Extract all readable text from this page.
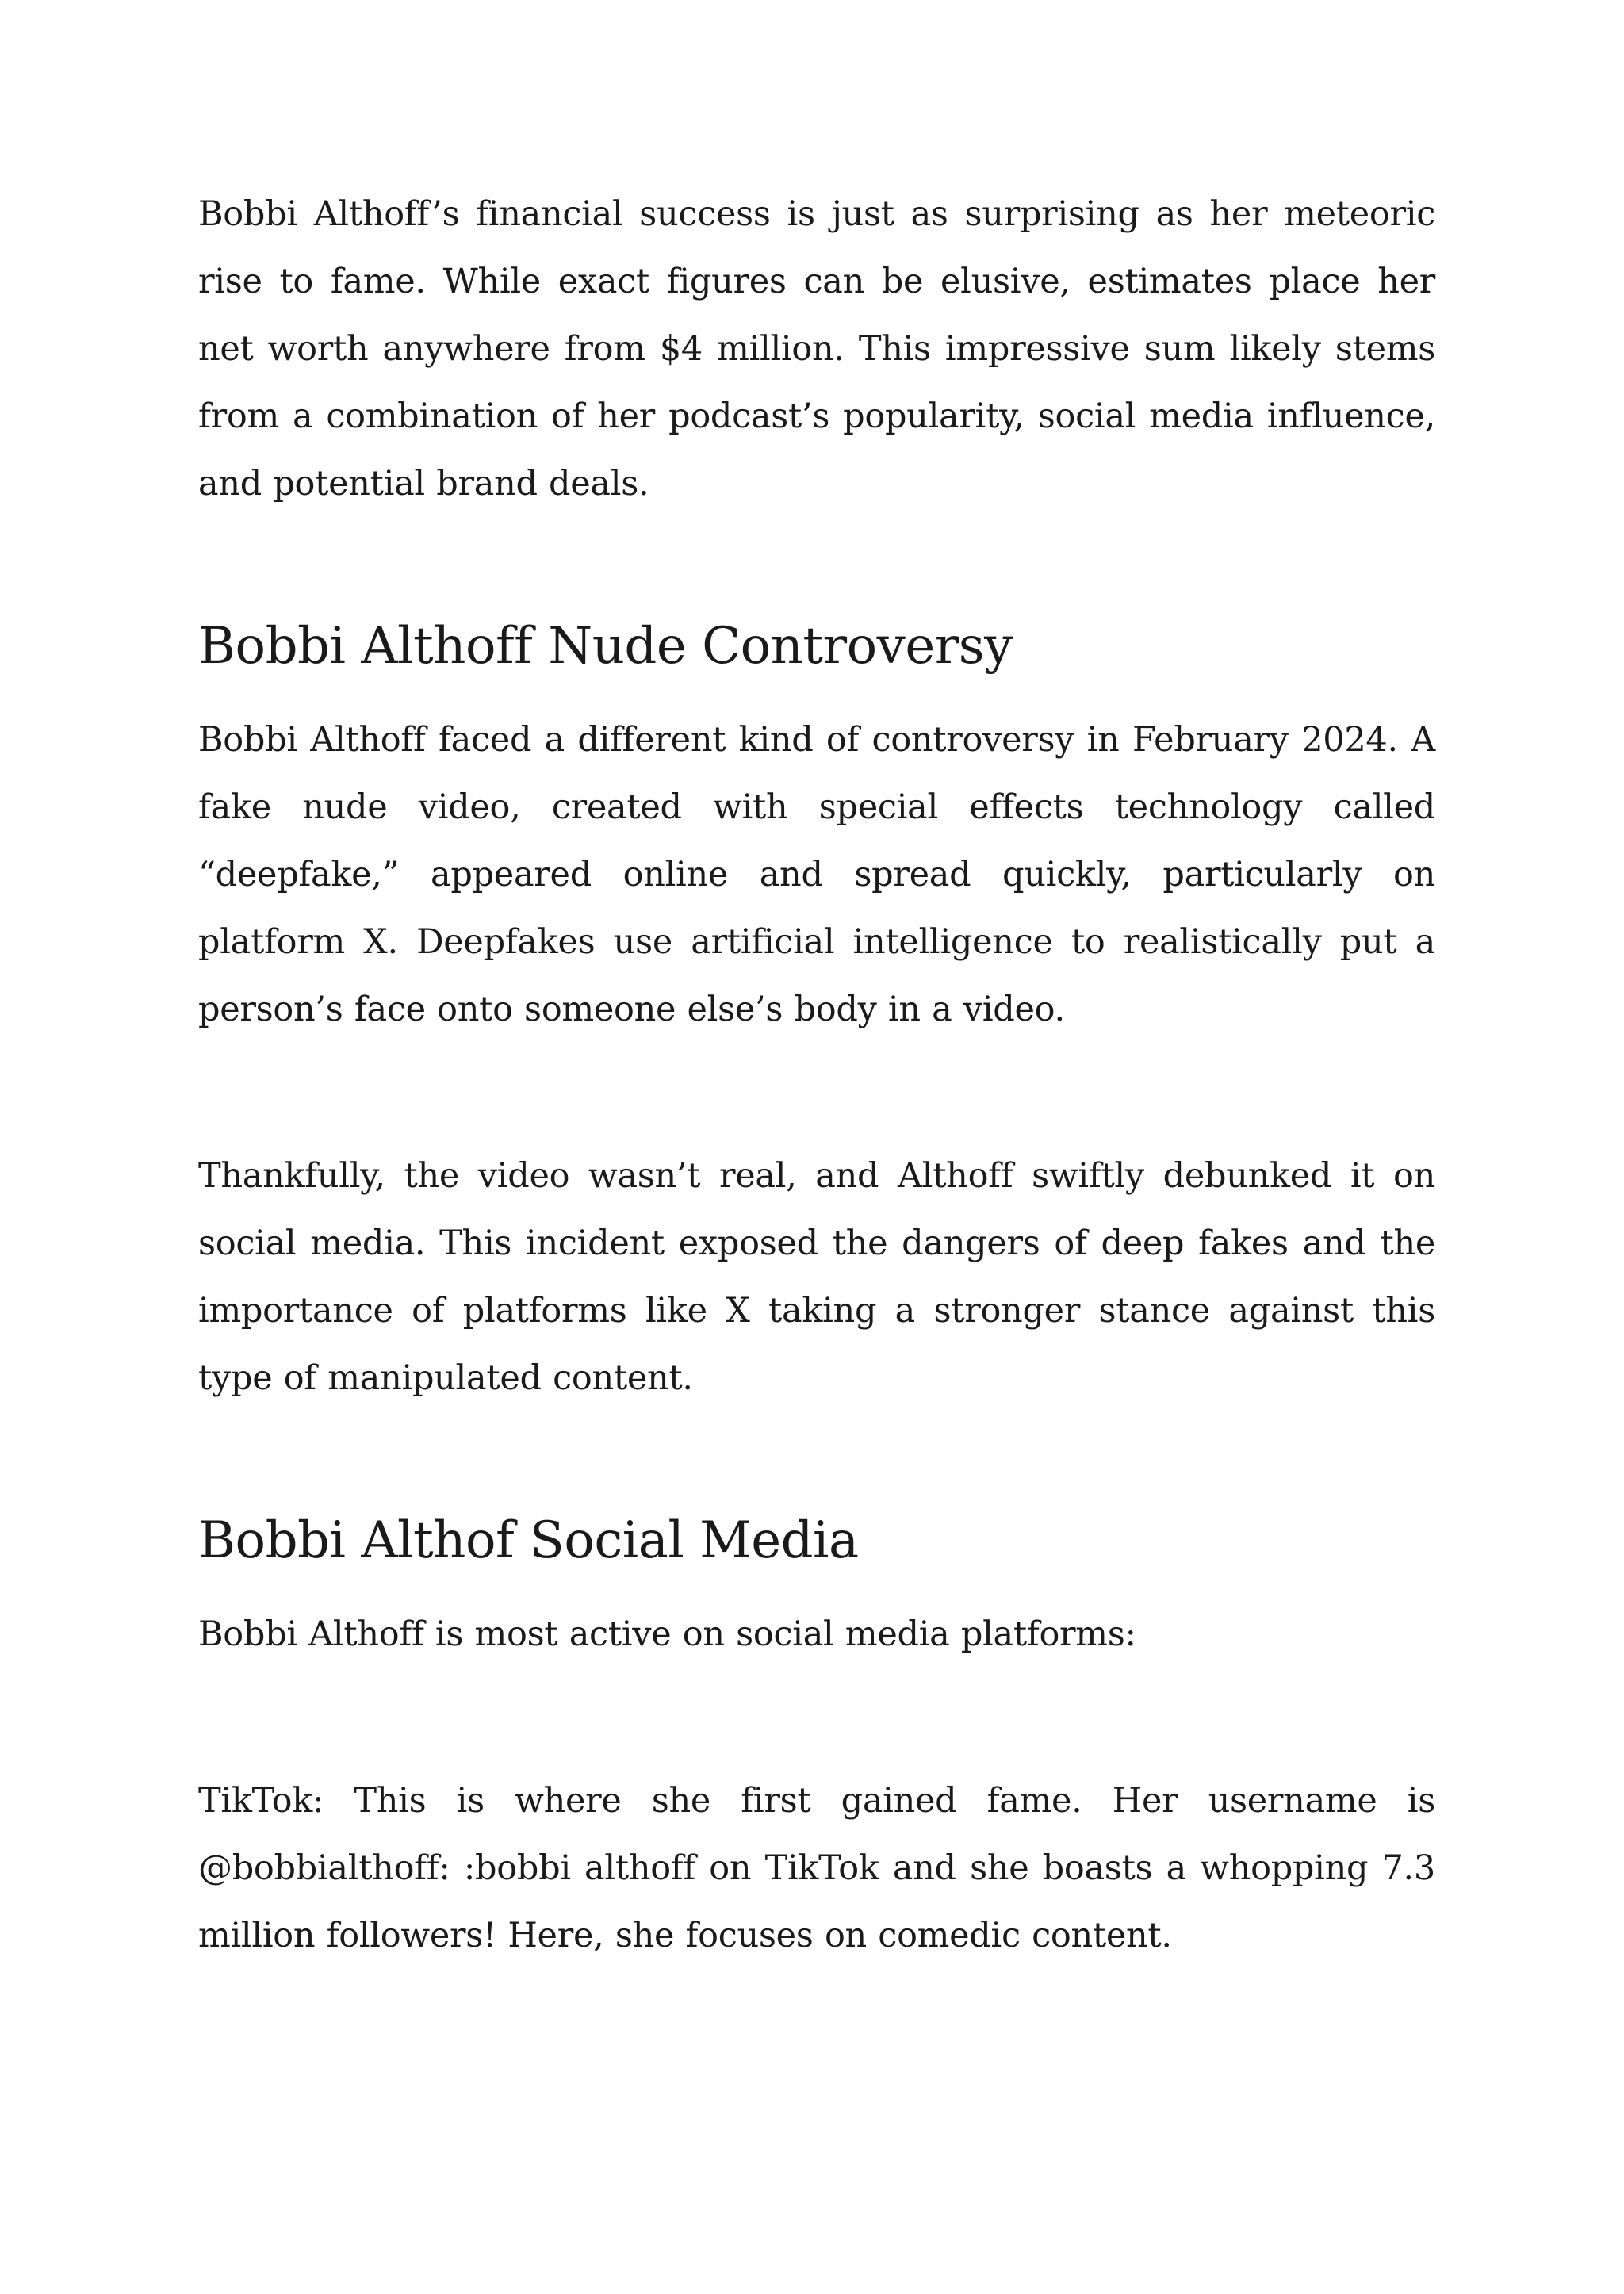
Bobbi Althoff’s financial success is just as surprising as her meteoric rise to fame. While exact figures can be elusive, estimates place her net worth anywhere from $4 million. This impressive sum likely stems from a combination of her podcast’s popularity, social media influence, and potential brand deals.

Bobbi Althoff Nude Controversy

Bobbi Althoff faced a different kind of controversy in February 2024. A fake nude video, created with special effects technology called “deepfake,” appeared online and spread quickly, particularly on platform X. Deepfakes use artificial intelligence to realistically put a person’s face onto someone else’s body in a video.

Thankfully, the video wasn’t real, and Althoff swiftly debunked it on social media. This incident exposed the dangers of deep fakes and the importance of platforms like X taking a stronger stance against this type of manipulated content.

Bobbi Althof Social Media

Bobbi Althoff is most active on social media platforms:

TikTok: This is where she first gained fame. Her username is @bobbialthoff: :bobbi althoff on TikTok and she boasts a whopping 7.3 million followers! Here, she focuses on comedic content.
